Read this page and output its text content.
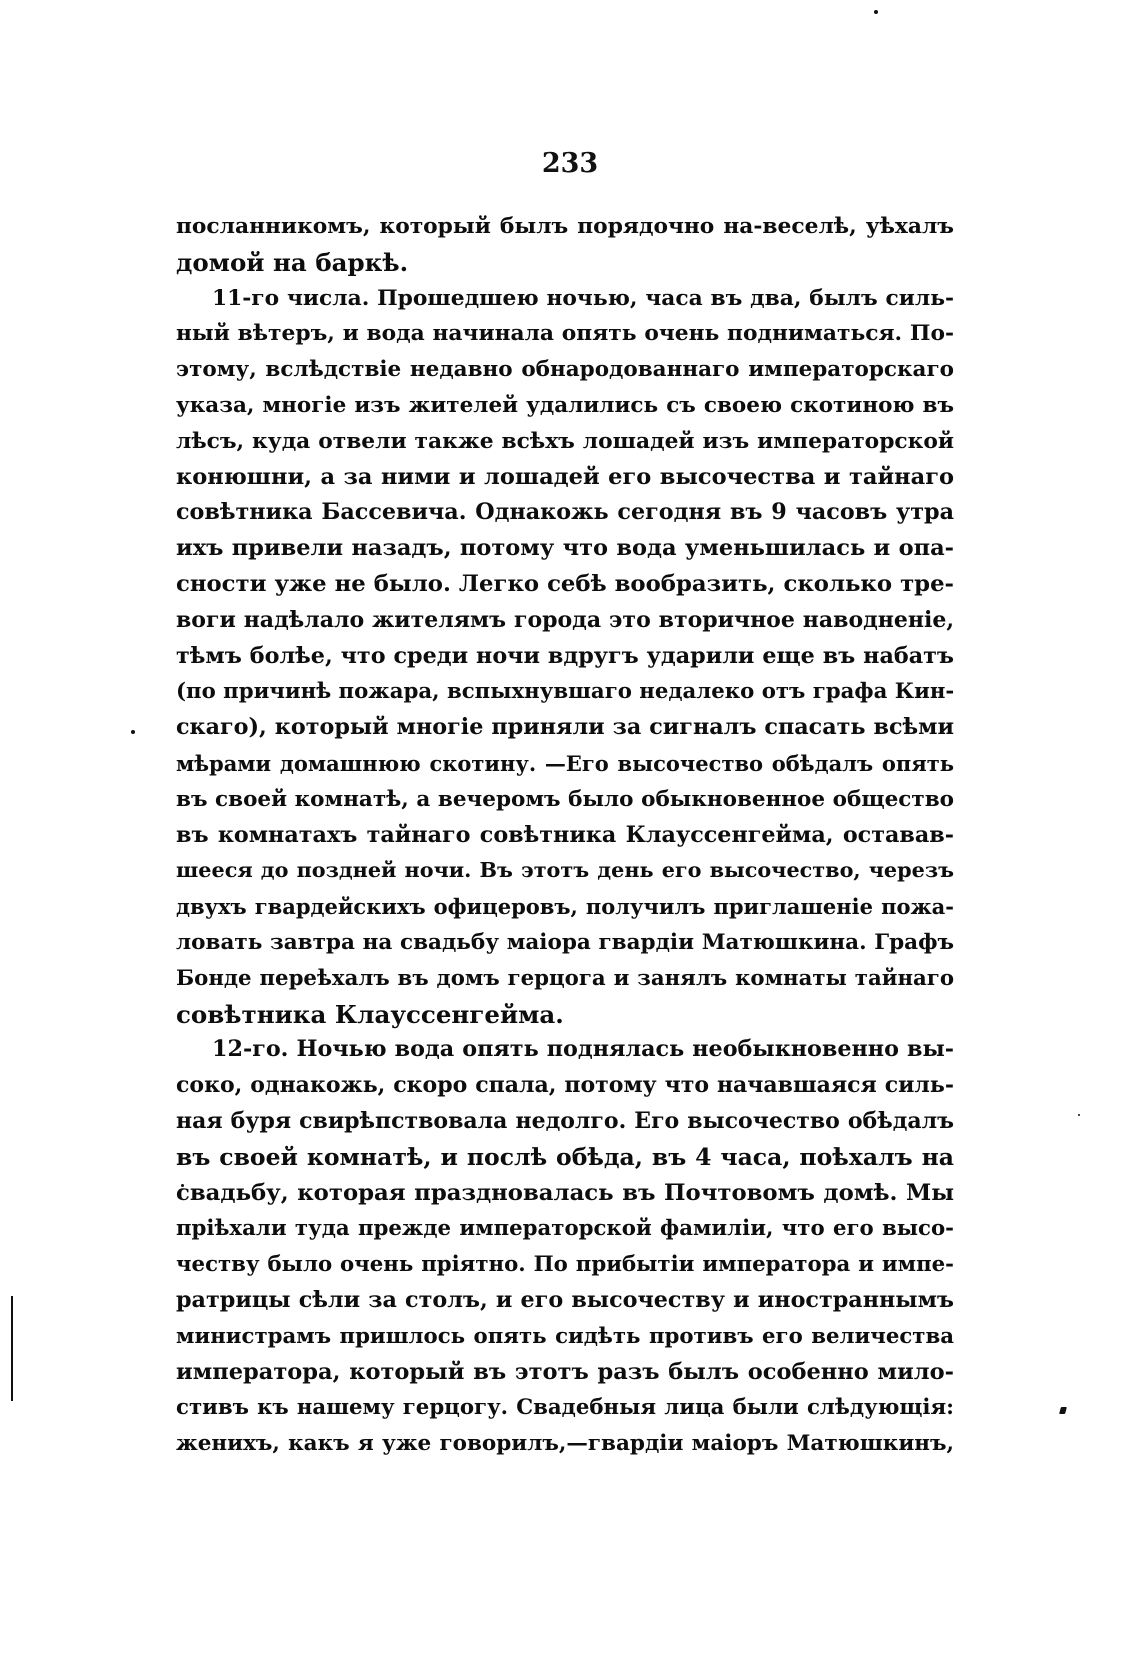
233
посланникомъ, который былъ порядочно на-веселѣ, уѣхалъ
домой на баркѣ.
11-го числа. Прошедшею ночью, часа въ два, былъ силь-
ный вѣтеръ, и вода начинала опять очень подниматься. По-
этому, вслѣдствіе недавно обнародованнаго императорскаго
указа, многіе изъ жителей удалились съ своею скотиною въ
лѣсъ, куда отвели также всѣхъ лошадей изъ императорской
конюшни, а за ними и лошадей его высочества и тайнаго
совѣтника Бассевича. Однакожь сегодня въ 9 часовъ утра
ихъ привели назадъ, потому что вода уменьшилась и опа-
сности уже не было. Легко себѣ вообразить, сколько тре-
воги надѣлало жителямъ города это вторичное наводненіе,
тѣмъ болѣе, что среди ночи вдругъ ударили еще въ набатъ
(по причинѣ пожара, вспыхнувшаго недалеко отъ графа Кин-
скаго), который многіе приняли за сигналъ спасать всѣми
мѣрами домашнюю скотину. —Его высочество обѣдалъ опять
въ своей комнатѣ, а вечеромъ было обыкновенное общество
въ комнатахъ тайнаго совѣтника Клауссенгейма, оставав-
шееся до поздней ночи. Въ этотъ день его высочество, черезъ
двухъ гвардейскихъ офицеровъ, получилъ приглашеніе пожа-
ловать завтра на свадьбу маіора гвардіи Матюшкина. Графъ
Бонде переѣхалъ въ домъ герцога и занялъ комнаты тайнаго
совѣтника Клауссенгейма.
12-го. Ночью вода опять поднялась необыкновенно вы-
соко, однакожь, скоро спала, потому что начавшаяся силь-
ная буря свирѣпствовала недолго. Его высочество обѣдалъ
въ своей комнатѣ, и послѣ обѣда, въ 4 часа, поѣхалъ на
свадьбу, которая праздновалась въ Почтовомъ домѣ. Мы
пріѣхали туда прежде императорской фамиліи, что его высо-
честву было очень пріятно. По прибытіи императора и импе-
ратрицы сѣли за столъ, и его высочеству и иностраннымъ
министрамъ пришлось опять сидѣть противъ его величества
императора, который въ этотъ разъ былъ особенно мило-
стивъ къ нашему герцогу. Свадебныя лица были слѣдующія:
женихъ, какъ я уже говорилъ,—гвардіи маіоръ Матюшкинъ,
